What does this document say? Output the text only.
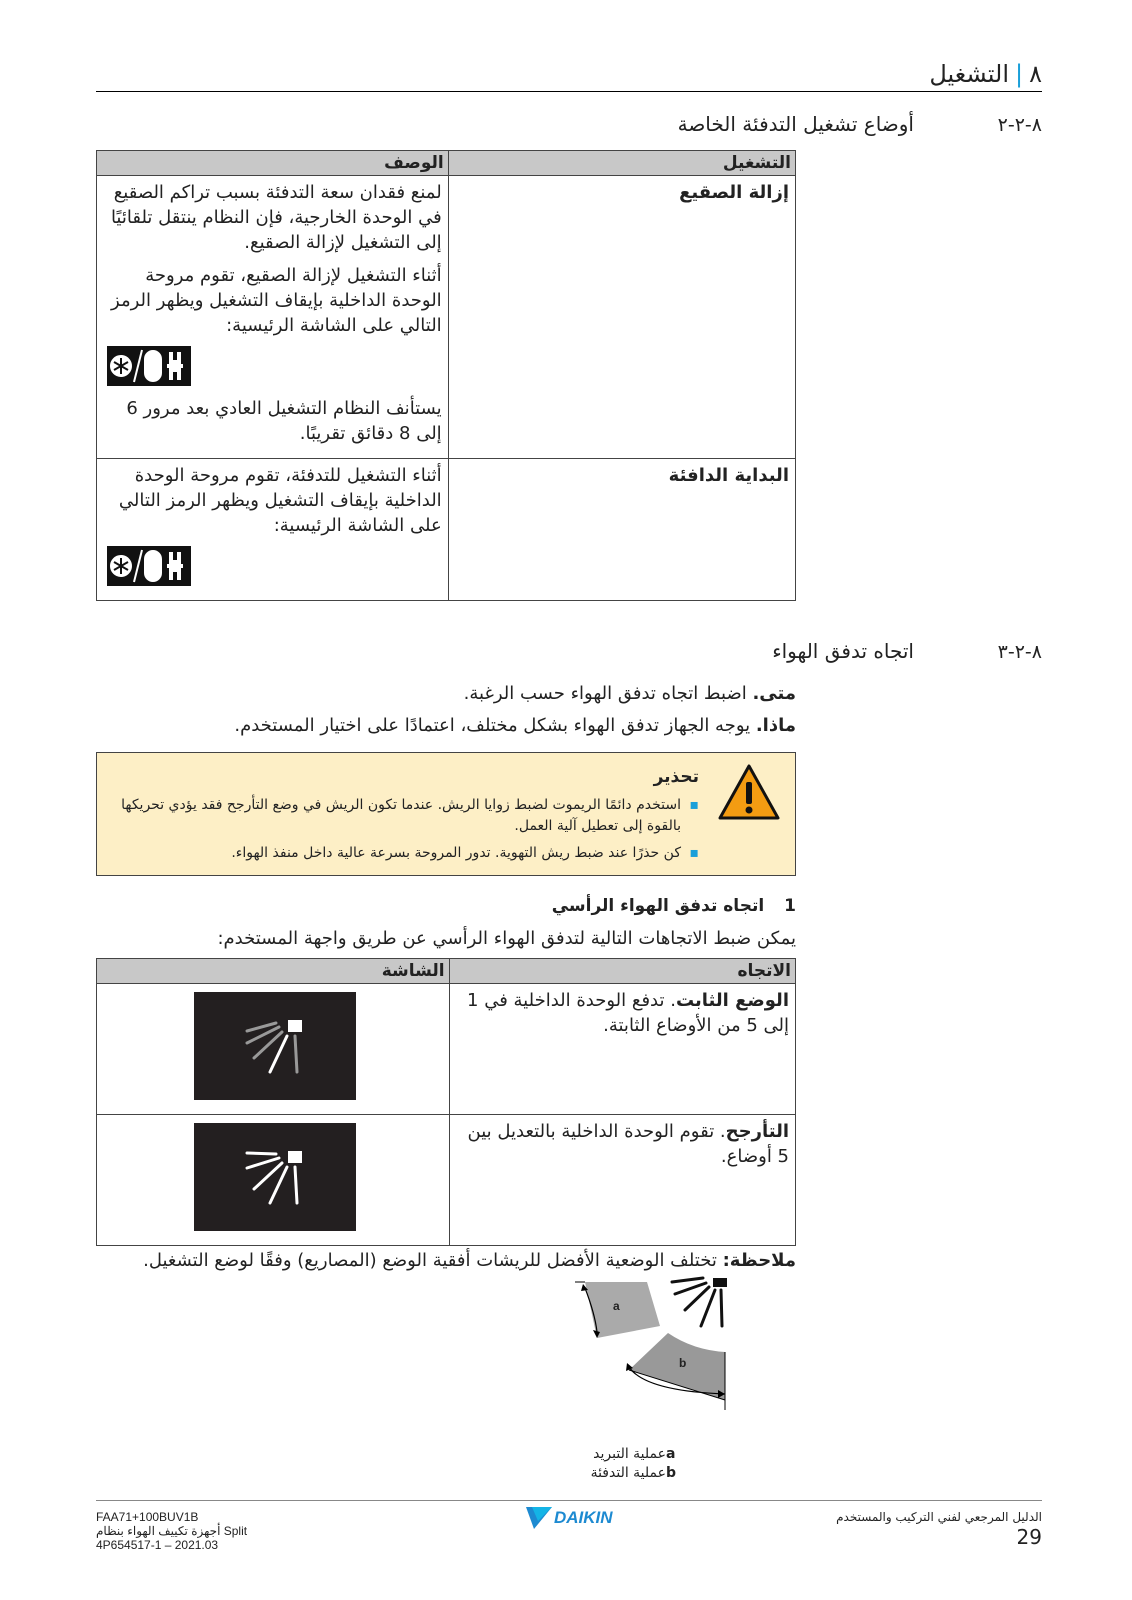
٨|التشغيل
٨-٢-٢
أوضاع تشغيل التدفئة الخاصة
التشغيل	الوصف
إزالة الصقيع	لمنع فقدان سعة التدفئة بسبب تراكم الصقيع في الوحدة الخارجية، فإن النظام ينتقل تلقائيًا إلى التشغيل لإزالة الصقيع.

أثناء التشغيل لإزالة الصقيع، تقوم مروحة الوحدة الداخلية بإيقاف التشغيل ويظهر الرمز التالي على الشاشة الرئيسية:

يستأنف النظام التشغيل العادي بعد مرور 6 إلى 8 دقائق تقريبًا.

البداية الدافئة	أثناء التشغيل للتدفئة، تقوم مروحة الوحدة الداخلية بإيقاف التشغيل ويظهر الرمز التالي على الشاشة الرئيسية:

٨-٢-٣
اتجاه تدفق الهواء
متى. اضبط اتجاه تدفق الهواء حسب الرغبة.
ماذا. يوجه الجهاز تدفق الهواء بشكل مختلف، اعتمادًا على اختيار المستخدم.
تحذير
▪
استخدم دائمًا الريموت لضبط زوايا الريش. عندما تكون الريش في وضع التأرجح فقد يؤدي تحريكها بالقوة إلى تعطيل آلية العمل.
▪
كن حذرًا عند ضبط ريش التهوية. تدور المروحة بسرعة عالية داخل منفذ الهواء.
1اتجاه تدفق الهواء الرأسي
يمكن ضبط الاتجاهات التالية لتدفق الهواء الرأسي عن طريق واجهة المستخدم:
الاتجاه	الشاشة
الوضع الثابت. تدفع الوحدة الداخلية في 1 إلى 5 من الأوضاع الثابتة.	
التأرجح. تقوم الوحدة الداخلية بالتعديل بين 5 أوضاع.	
ملاحظة: تختلف الوضعية الأفضل للريشات أفقية الوضع (المصاريع) وفقًا لوضع التشغيل.
a
b
aعملية التبريد
bعملية التدفئة
FAA71+100BUV1B
أجهزة تكييف الهواء بنظام Split
4P654517-1 – 2021.03
DAIKIN	الدليل المرجعي لفني التركيب والمستخدم
29
